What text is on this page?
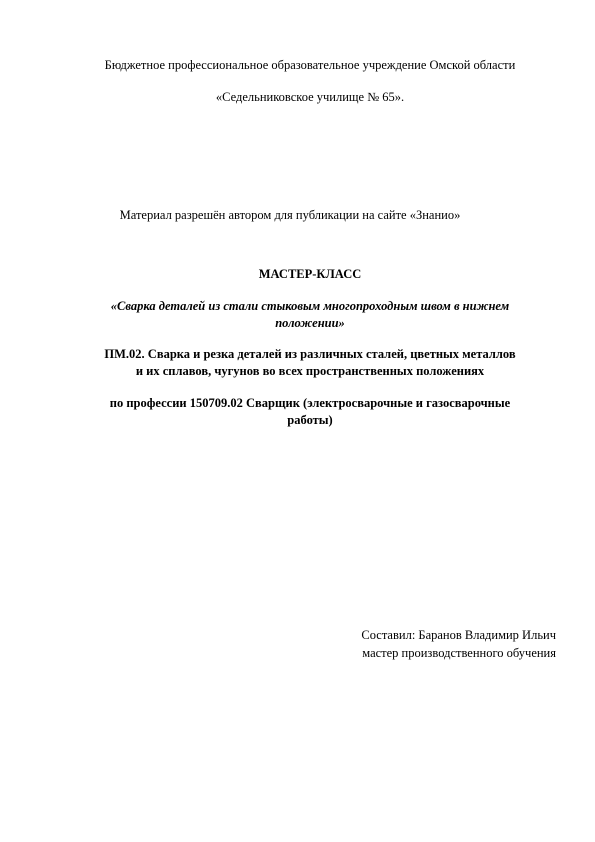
Бюджетное профессиональное образовательное учреждение Омской области
«Седельниковское училище № 65».
Материал разрешён автором для публикации на сайте «Знанио»
МАСТЕР-КЛАСС
«Сварка деталей из стали стыковым многопроходным швом в нижнем
положении»
ПМ.02. Сварка и резка деталей из различных сталей, цветных металлов
и их сплавов, чугунов во всех пространственных положениях
по профессии 150709.02 Сварщик (электросварочные и газосварочные
работы)
Составил: Баранов Владимир Ильич
мастер производственного обучения
